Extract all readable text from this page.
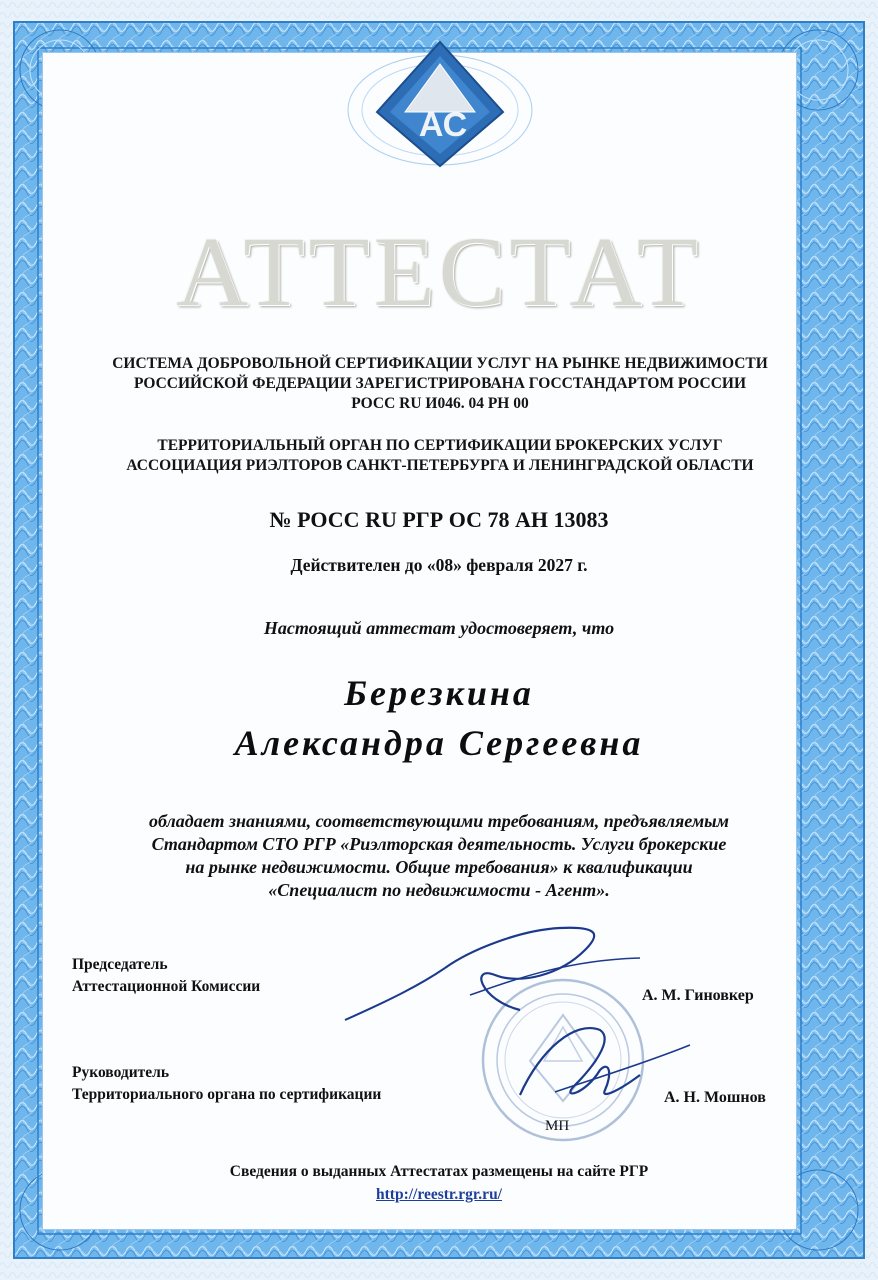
АС
АТТЕСТАТ
СИСТЕМА ДОБРОВОЛЬНОЙ СЕРТИФИКАЦИИ УСЛУГ НА РЫНКЕ НЕДВИЖИМОСТИ
РОССИЙСКОЙ ФЕДЕРАЦИИ ЗАРЕГИСТРИРОВАНА ГОССТАНДАРТОМ РОССИИ
РОСС RU И046. 04 РН 00
ТЕРРИТОРИАЛЬНЫЙ ОРГАН ПО СЕРТИФИКАЦИИ БРОКЕРСКИХ УСЛУГ
АССОЦИАЦИЯ РИЭЛТОРОВ САНКТ-ПЕТЕРБУРГА И ЛЕНИНГРАДСКОЙ ОБЛАСТИ
№ РОСС RU РГР ОС 78 АН 13083
Действителен до «08» февраля 2027 г.
Настоящий аттестат удостоверяет, что
Березкина
Александра Сергеевна
обладает знаниями, соответствующими требованиям, предъявляемым
Стандартом СТО РГР «Риэлторская деятельность. Услуги брокерские
на рынке недвижимости. Общие требования» к квалификации
«Специалист по недвижимости - Агент».
Председатель
Аттестационной Комиссии
А. М. Гиновкер
Руководитель
Территориального органа по сертификации	А. Н. Мошнов
МП
Сведения о выданных Аттестатах размещены на сайте РГР
http://reestr.rgr.ru/
